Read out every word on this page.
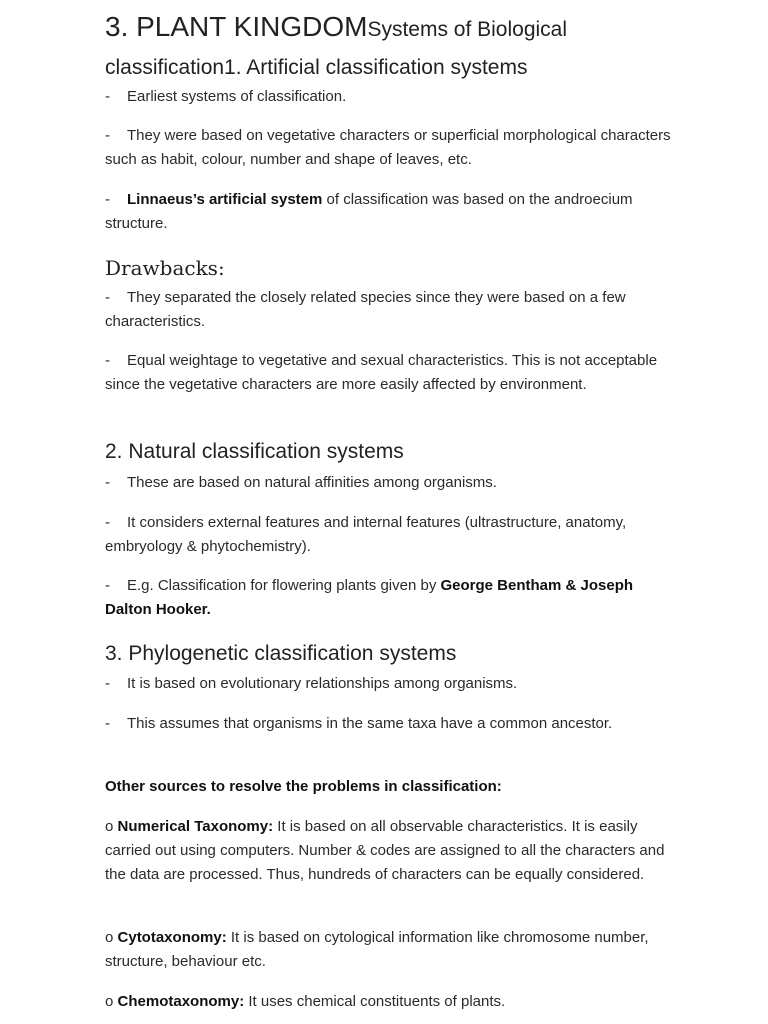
3. PLANT KINGDOMSystems of Biological classification1. Artificial classification systems

- Earliest systems of classification.

- They were based on vegetative characters or superficial morphological characters such as habit, colour, number and shape of leaves, etc.

- Linnaeus’s artificial system of classification was based on the androecium structure.

Drawbacks:

- They separated the closely related species since they were based on a few characteristics.

- Equal weightage to vegetative and sexual characteristics. This is not acceptable since the vegetative characters are more easily affected by environment.

2. Natural classification systems

- These are based on natural affinities among organisms.

- It considers external features and internal features (ultrastructure, anatomy, embryology & phytochemistry).

- E.g. Classification for flowering plants given by George Bentham & Joseph Dalton Hooker.

3. Phylogenetic classification systems

- It is based on evolutionary relationships among organisms.

- This assumes that organisms in the same taxa have a common ancestor.

Other sources to resolve the problems in classification:

o Numerical Taxonomy: It is based on all observable characteristics. It is easily carried out using computers. Number & codes are assigned to all the characters and the data are processed. Thus, hundreds of characters can be equally considered.

o Cytotaxonomy: It is based on cytological information like chromosome number, structure, behaviour etc.

o Chemotaxonomy: It uses chemical constituents of plants.
